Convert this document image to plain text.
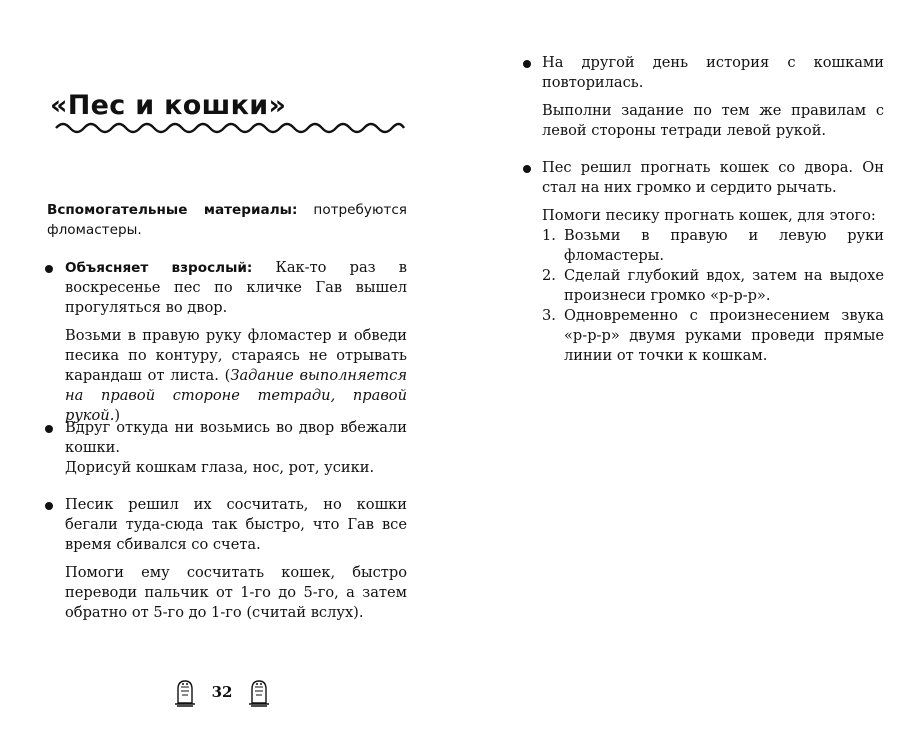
«Пес и кошки»

Вспомогательные материалы: потребуются фломастеры.

Объясняет взрослый: Как-то раз в воскресенье пес по кличке Гав вышел прогуляться во двор.

Возьми в правую руку фломастер и обведи песика по контуру, стараясь не отрывать карандаш от листа. (Задание выполняется на правой стороне тетради, правой рукой.)

Вдруг откуда ни возьмись во двор вбежали кошки.

Дорисуй кошкам глаза, нос, рот, усики.

Песик решил их сосчитать, но кошки бегали туда-сюда так быстро, что Гав все время сбивался со счета.

Помоги ему сосчитать кошек, быстро переводи пальчик от 1-го до 5-го, а затем обратно от 5-го до 1-го (считай вслух).

32

На другой день история с кошками повторилась.

Выполни задание по тем же правилам с левой стороны тетради левой рукой.

Пес решил прогнать кошек со двора. Он стал на них громко и сердито рычать.

Помоги песику прогнать кошек, для этого:

1. Возьми в правую и левую руки фломастеры.
2. Сделай глубокий вдох, затем на выдохе произнеси громко «р-р-р».
3. Одновременно с произнесением звука «р-р-р» двумя руками проведи прямые линии от точки к кошкам.
